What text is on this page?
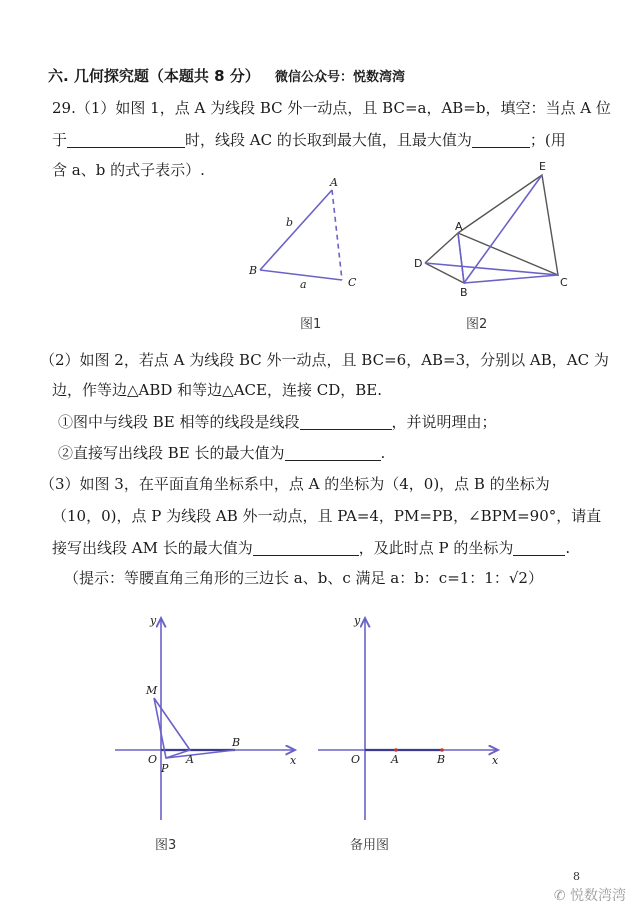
六. 几何探究题（本题共 8 分） 微信公众号：悦数湾湾
29.（1）如图 1，点 A 为线段 BC 外一动点，且 BC=a，AB=b，填空：当点 A 位
于	时，线段 AC 的长取到最大值，且最大值为	；(用
含 a、b 的式子表示）.
A
B
C
b
a
A
B
C
D
E
图1	图2
（2）如图 2，若点 A 为线段 BC 外一动点，且 BC=6，AB=3，分别以 AB，AC 为
边，作等边△ABD 和等边△ACE，连接 CD，BE.
①图中与线段 BE 相等的线段是线段	，并说明理由；
②直接写出线段 BE 长的最大值为	.
（3）如图 3，在平面直角坐标系中，点 A 的坐标为（4，0)，点 B 的坐标为
（10，0)，点 P 为线段 AB 外一动点，且 PA=4，PM=PB，∠BPM=90°，请直
接写出线段 AM 长的最大值为	，及此时点 P 的坐标为	.
（提示：等腰直角三角形的三边长 a、b、c 满足 a：b：c=1：1：√2）
y
x
M
O	A
B
P
y
x
O	A	B
图3	备用图
8
✆ 悦数湾湾
